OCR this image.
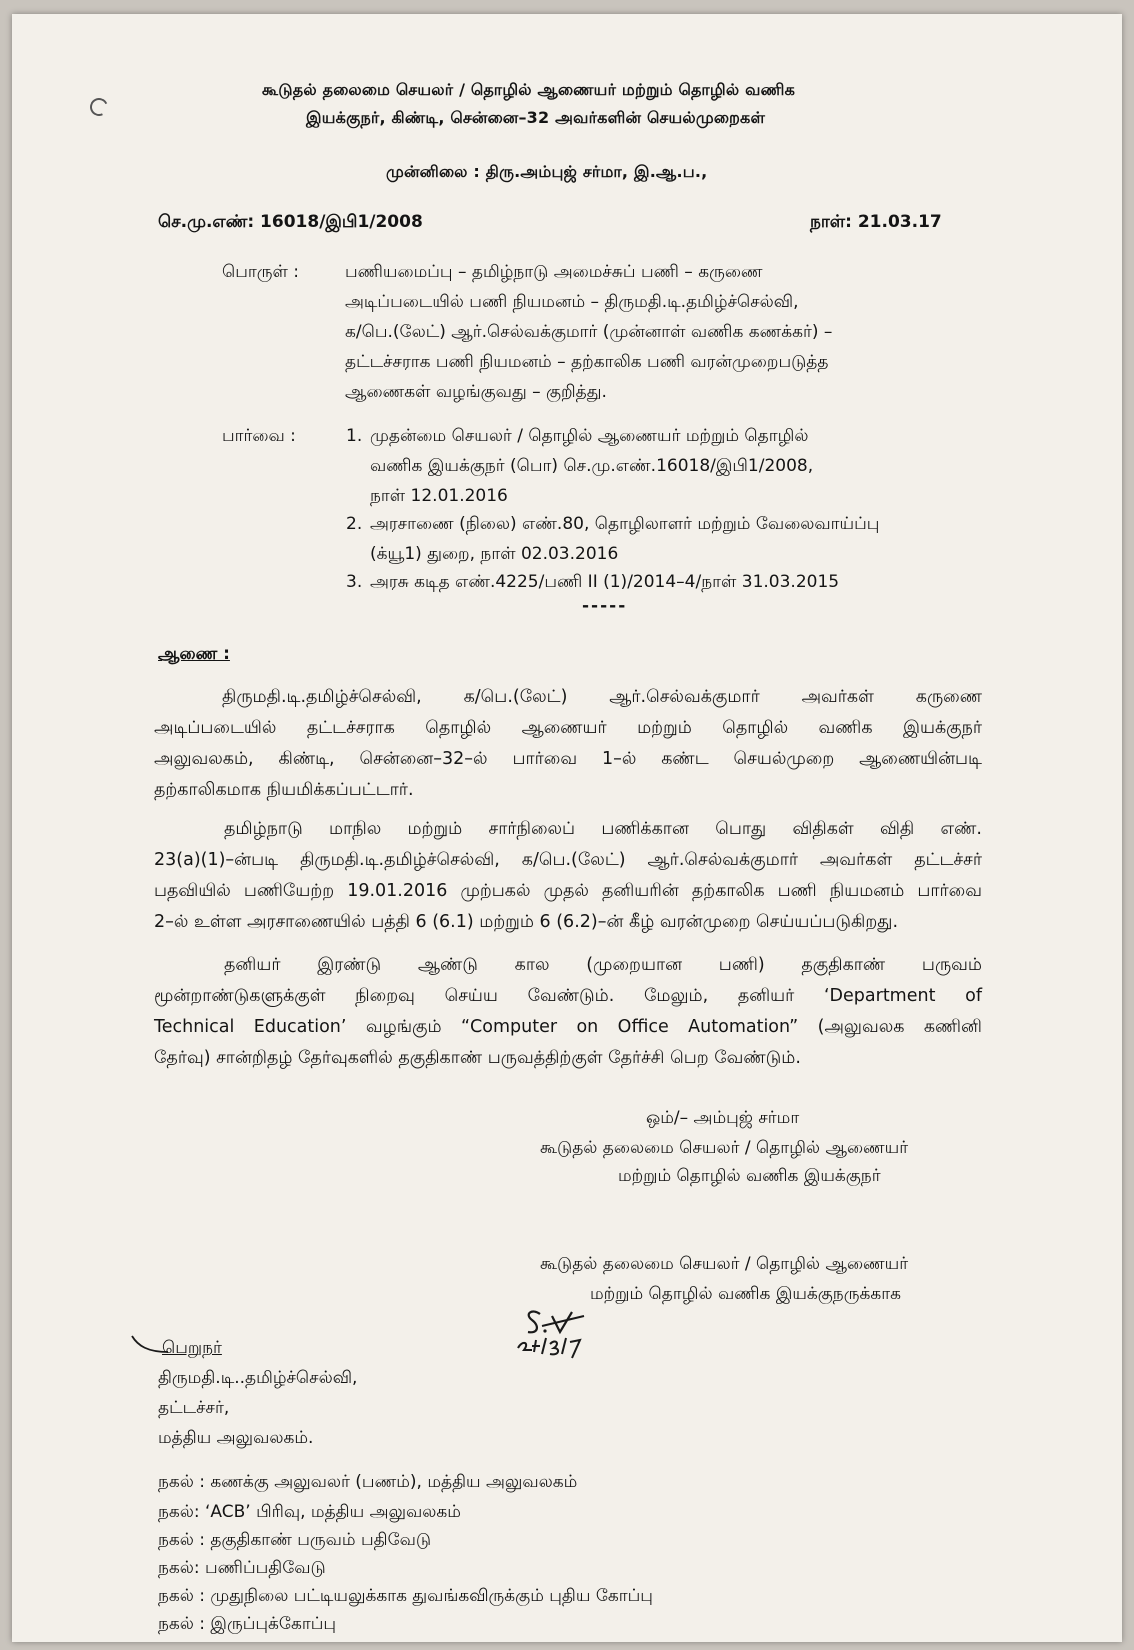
கூடுதல் தலைமை செயலர் / தொழில் ஆணையர் மற்றும் தொழில் வணிக
இயக்குநர், கிண்டி, சென்னை–32 அவர்களின் செயல்முறைகள்
முன்னிலை : திரு.அம்புஜ் சர்மா, இ.ஆ.ப.,
செ.மு.எண்: 16018/இபி1/2008	நாள்: 21.03.17
பொருள் :	பணியமைப்பு – தமிழ்நாடு அமைச்சுப் பணி – கருணை
அடிப்படையில் பணி நியமனம் – திருமதி.டி.தமிழ்ச்செல்வி,
க/பெ.(லேட்) ஆர்.செல்வக்குமார் (முன்னாள் வணிக கணக்கர்) –
தட்டச்சராக பணி நியமனம் – தற்காலிக பணி வரன்முறைபடுத்த
ஆணைகள் வழங்குவது – குறித்து.
பார்வை :	1. முதன்மை செயலர் / தொழில் ஆணையர் மற்றும் தொழில்
வணிக இயக்குநர் (பொ) செ.மு.எண்.16018/இபி1/2008,
நாள் 12.01.2016
2. அரசாணை (நிலை) எண்.80, தொழிலாளர் மற்றும் வேலைவாய்ப்பு
(க்யூ1) துறை, நாள் 02.03.2016
3. அரசு கடித எண்.4225/பணி II (1)/2014–4/நாள் 31.03.2015
-----
ஆணை :
திருமதி.டி.தமிழ்ச்செல்வி, க/பெ.(லேட்) ஆர்.செல்வக்குமார் அவர்கள் கருணை
அடிப்படையில் தட்டச்சராக தொழில் ஆணையர் மற்றும் தொழில் வணிக இயக்குநர்
அலுவலகம், கிண்டி, சென்னை–32–ல் பார்வை 1–ல் கண்ட செயல்முறை ஆணையின்படி
தற்காலிகமாக நியமிக்கப்பட்டார்.
தமிழ்நாடு மாநில மற்றும் சார்நிலைப் பணிக்கான பொது விதிகள் விதி எண்.
23(a)(1)–ன்படி திருமதி.டி.தமிழ்ச்செல்வி, க/பெ.(லேட்) ஆர்.செல்வக்குமார் அவர்கள் தட்டச்சர்
பதவியில் பணியேற்ற 19.01.2016 முற்பகல் முதல் தனியரின் தற்காலிக பணி நியமனம் பார்வை
2–ல் உள்ள அரசாணையில் பத்தி 6 (6.1) மற்றும் 6 (6.2)–ன் கீழ் வரன்முறை செய்யப்படுகிறது.
தனியர் இரண்டு ஆண்டு கால (முறையான பணி) தகுதிகாண் பருவம்
மூன்றாண்டுகளுக்குள் நிறைவு செய்ய வேண்டும். மேலும், தனியர் ‘Department of
Technical Education’ வழங்கும் “Computer on Office Automation” (அலுவலக கணினி
தேர்வு) சான்றிதழ் தேர்வுகளில் தகுதிகாண் பருவத்திற்குள் தேர்ச்சி பெற வேண்டும்.
ஒம்/– அம்புஜ் சர்மா
கூடுதல் தலைமை செயலர் / தொழில் ஆணையர்
மற்றும் தொழில் வணிக இயக்குநர்
கூடுதல் தலைமை செயலர் / தொழில் ஆணையர்
மற்றும் தொழில் வணிக இயக்குநருக்காக
பெறுநர்
திருமதி.டி..தமிழ்ச்செல்வி,
தட்டச்சர்,
மத்திய அலுவலகம்.
நகல் : கணக்கு அலுவலர் (பணம்), மத்திய அலுவலகம்
நகல்: ‘ACB’ பிரிவு, மத்திய அலுவலகம்
நகல் : தகுதிகாண் பருவம் பதிவேடு
நகல்: பணிப்பதிவேடு
நகல் : முதுநிலை பட்டியலுக்காக துவங்கவிருக்கும் புதிய கோப்பு
நகல் : இருப்புக்கோப்பு
